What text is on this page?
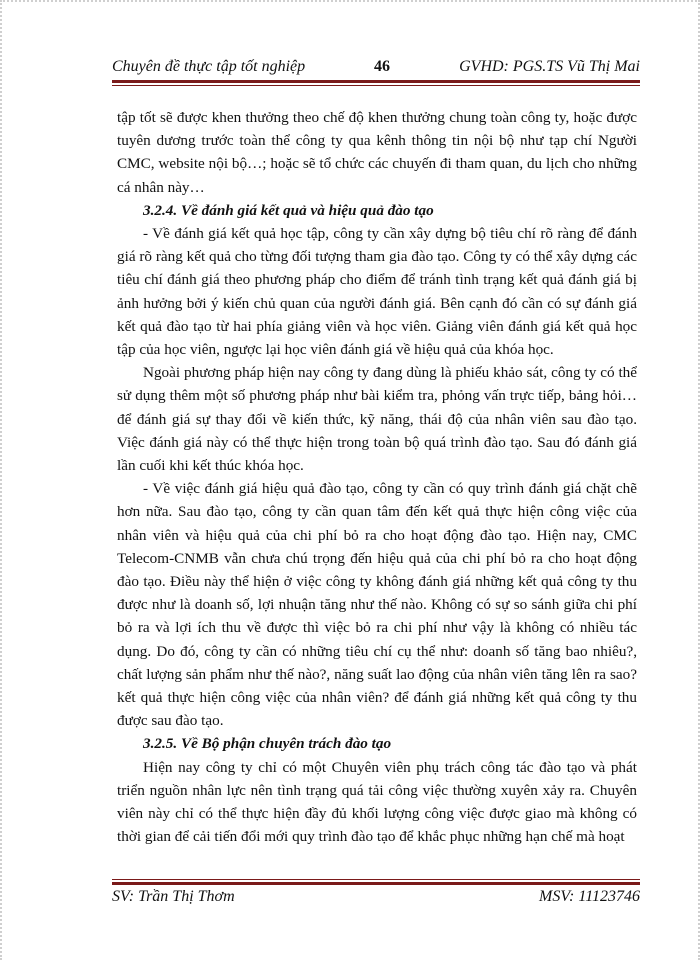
Chuyên đề thực tập tốt nghiệp	46	GVHD: PGS.TS Vũ Thị Mai

tập tốt sẽ được khen thưởng theo chế độ khen thưởng chung toàn công ty, hoặc được tuyên dương trước toàn thể công ty qua kênh thông tin nội bộ như tạp chí Người CMC, website nội bộ…; hoặc sẽ tổ chức các chuyến đi tham quan, du lịch cho những cá nhân này…

3.2.4. Về đánh giá kết quả và hiệu quả đào tạo

- Về đánh giá kết quả học tập, công ty cần xây dựng bộ tiêu chí rõ ràng để đánh giá rõ ràng kết quả cho từng đối tượng tham gia đào tạo. Công ty có thể xây dựng các tiêu chí đánh giá theo phương pháp cho điểm để tránh tình trạng kết quả đánh giá bị ảnh hưởng bởi ý kiến chủ quan của người đánh giá. Bên cạnh đó cần có sự đánh giá kết quả đào tạo từ hai phía giảng viên và học viên. Giảng viên đánh giá kết quả học tập của học viên, ngược lại học viên đánh giá về hiệu quả của khóa học.

Ngoài phương pháp hiện nay công ty đang dùng là phiếu khảo sát, công ty có thể sử dụng thêm một số phương pháp như bài kiểm tra, phỏng vấn trực tiếp, bảng hỏi…để đánh giá sự thay đổi về kiến thức, kỹ năng, thái độ của nhân viên sau đào tạo. Việc đánh giá này có thể thực hiện trong toàn bộ quá trình đào tạo. Sau đó đánh giá lần cuối khi kết thúc khóa học.

- Về việc đánh giá hiệu quả đào tạo, công ty cần có quy trình đánh giá chặt chẽ hơn nữa. Sau đào tạo, công ty cần quan tâm đến kết quả thực hiện công việc của nhân viên và hiệu quả của chi phí bỏ ra cho hoạt động đào tạo. Hiện nay, CMC Telecom-CNMB vẫn chưa chú trọng đến hiệu quả của chi phí bỏ ra cho hoạt động đào tạo. Điều này thể hiện ở việc công ty không đánh giá những kết quả công ty thu được như là doanh số, lợi nhuận tăng như thế nào. Không có sự so sánh giữa chi phí bỏ ra và lợi ích thu về được thì việc bỏ ra chi phí như vậy là không có nhiều tác dụng. Do đó, công ty cần có những tiêu chí cụ thể như: doanh số tăng bao nhiêu?, chất lượng sản phẩm như thế nào?, năng suất lao động của nhân viên tăng lên ra sao? kết quả thực hiện công việc của nhân viên? để đánh giá những kết quả công ty thu được sau đào tạo.

3.2.5. Về Bộ phận chuyên trách đào tạo

Hiện nay công ty chỉ có một Chuyên viên phụ trách công tác đào tạo và phát triển nguồn nhân lực nên tình trạng quá tải công việc thường xuyên xảy ra. Chuyên viên này chỉ có thể thực hiện đầy đủ khối lượng công việc được giao mà không có thời gian để cải tiến đổi mới quy trình đào tạo để khắc phục những hạn chế mà hoạt

SV: Trần Thị Thơm	MSV: 11123746
